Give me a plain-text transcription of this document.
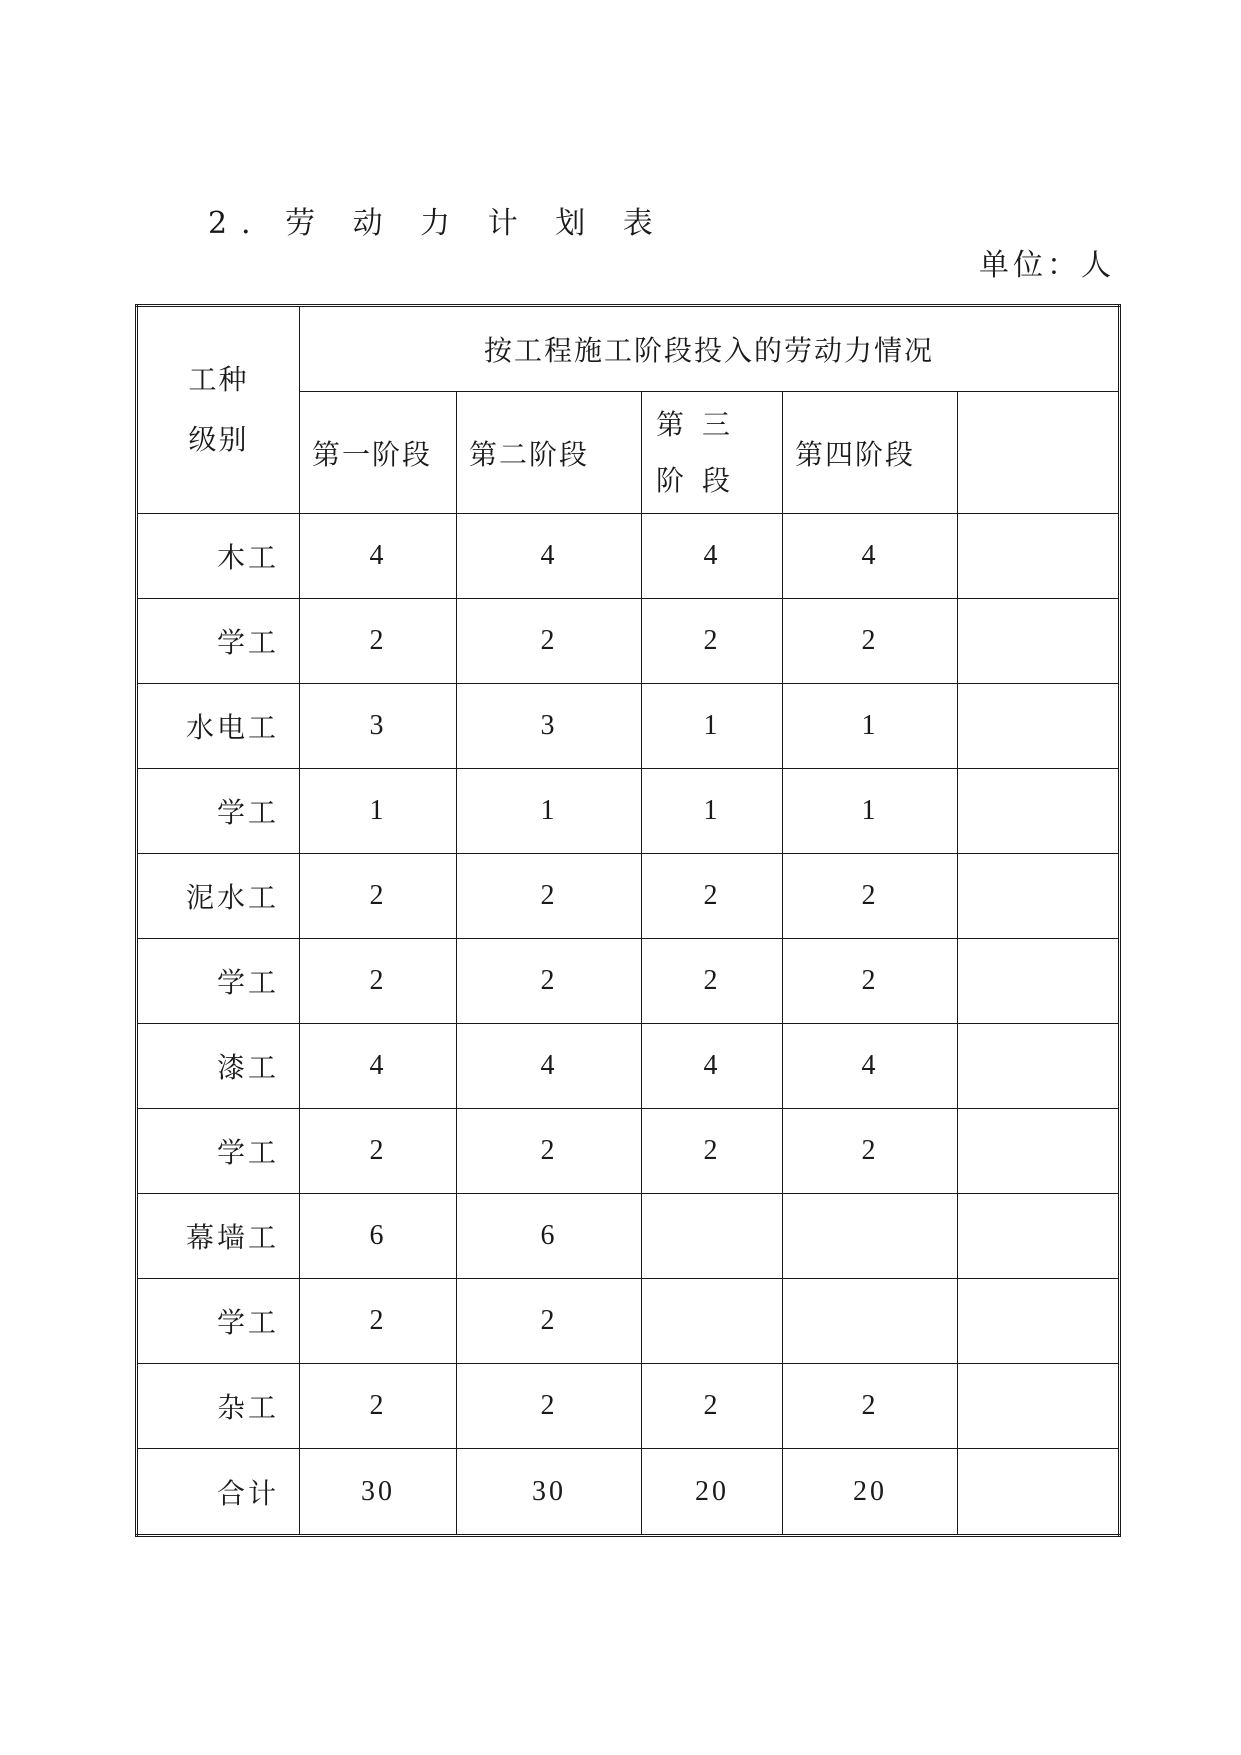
2．劳 动 力 计 划 表
单位：人
工种
级别	按工程施工阶段投入的劳动力情况				
	第一阶段	第二阶段	第三阶段	第四阶段	
木工	4	4	4	4	
学工	2	2	2	2	
水电工	3	3	1	1	
学工	1	1	1	1	
泥水工	2	2	2	2	
学工	2	2	2	2	
漆工	4	4	4	4	
学工	2	2	2	2	
幕墙工	6	6			
学工	2	2			
杂工	2	2	2	2	
合计	30	30	20	20	
